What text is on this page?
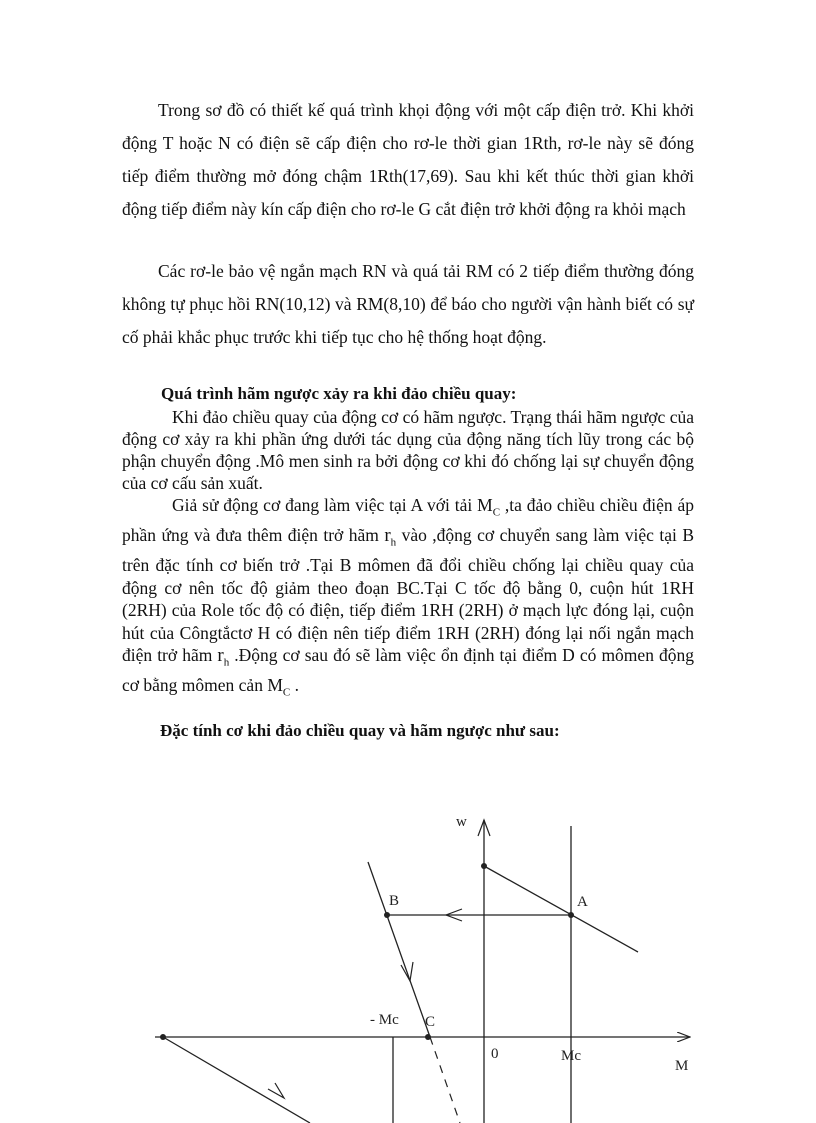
Trong sơ đồ có thiết kế quá trình khọi động với một cấp điện trở. Khi khởi động T hoặc N có điện sẽ cấp điện cho rơ-le thời gian 1Rth, rơ-le này sẽ đóng tiếp điểm thường mở đóng chậm 1Rth(17,69). Sau khi kết thúc thời gian khởi động tiếp điểm này kín cấp điện cho rơ-le G cắt điện trở khởi động ra khỏi mạch
Các rơ-le bảo vệ ngắn mạch RN và quá tải RM có 2 tiếp điểm thường đóng không tự phục hồi RN(10,12) và RM(8,10) để báo cho người vận hành biết có sự cố phải khắc phục trước khi tiếp tục cho hệ thống hoạt động.
Quá trình hãm ngược xảy ra khi đảo chiều quay:
Khi đảo chiều quay của động cơ có hãm ngược. Trạng thái hãm ngược của động cơ xảy ra khi phần ứng dưới tác dụng của động năng tích lũy trong các bộ phận chuyển động .Mô men sinh ra bởi động cơ khi đó chống lại sự chuyển động của cơ cấu sản xuất.
Giả sử động cơ đang làm việc tại A với tải $M_C$ ,ta đảo chiều chiều điện áp phần ứng và đưa thêm điện trở hãm $r_h$ vào ,động cơ chuyển sang làm việc tại B trên đặc tính cơ biến trở .Tại B mômen đã đổi chiều chống lại chiều quay của động cơ nên tốc độ giảm theo đoạn BC.Tại C tốc độ bằng 0, cuộn hút 1RH (2RH) của Role tốc độ có điện, tiếp điểm 1RH (2RH) ở mạch lực đóng lại, cuộn hút của Côngtắctơ H có điện nên tiếp điểm 1RH (2RH) đóng lại nối ngắn mạch điện trở hãm $r_h$ .Động cơ sau đó sẽ làm việc ổn định tại điểm D có mômen động cơ bằng mômen cản $M_C$ .
Đặc tính cơ khi đảo chiều quay và hãm ngược như sau:
w
A
B
- Mc C
0	Mc
M
